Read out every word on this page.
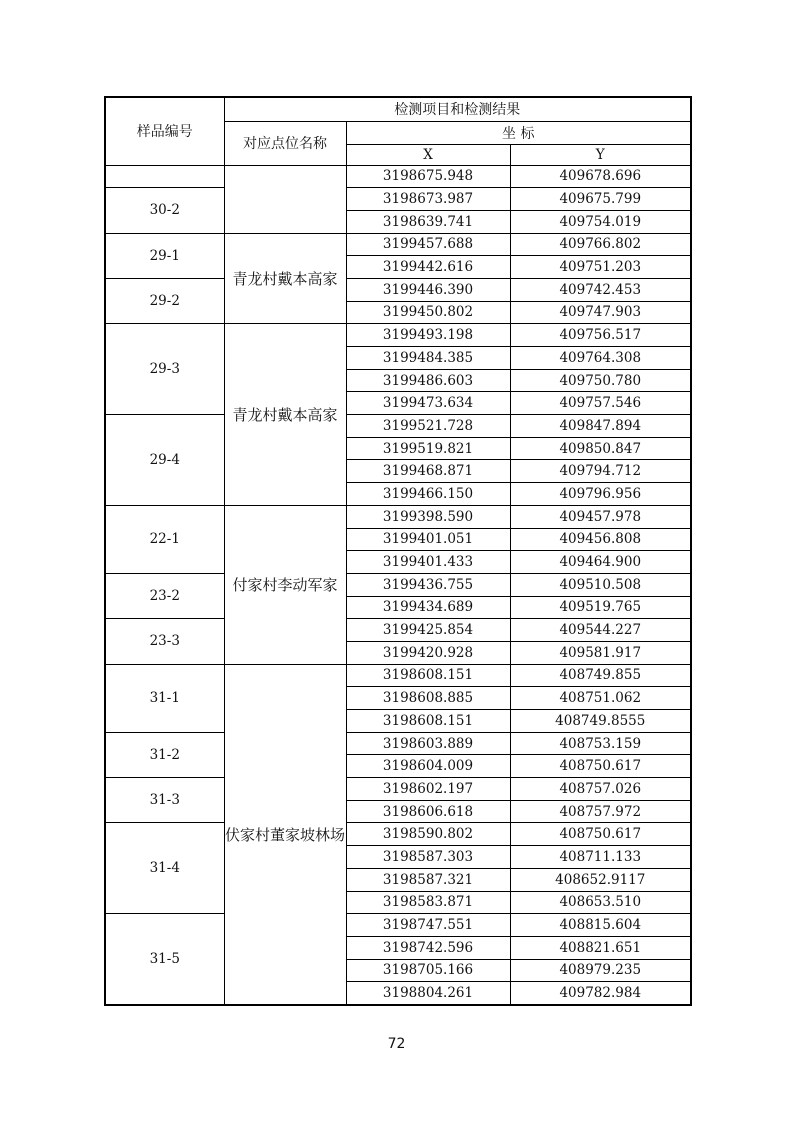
样品编号	检测项目和检测结果		
	对应点位名称	坐 标	
		X	Y
		3198675.948	409678.696
30-2		3198673.987	409675.799
		3198639.741	409754.019
29-1	青龙村戴本高家	3199457.688	409766.802
		3199442.616	409751.203
29-2		3199446.390	409742.453
		3199450.802	409747.903
29-3	青龙村戴本高家	3199493.198	409756.517
		3199484.385	409764.308
		3199486.603	409750.780
		3199473.634	409757.546
29-4		3199521.728	409847.894
		3199519.821	409850.847
		3199468.871	409794.712
		3199466.150	409796.956
22-1	付家村李动军家	3199398.590	409457.978
		3199401.051	409456.808
		3199401.433	409464.900
23-2		3199436.755	409510.508
		3199434.689	409519.765
23-3		3199425.854	409544.227
		3199420.928	409581.917
31-1	伏家村董家坡林场	3198608.151	408749.855
		3198608.885	408751.062
		3198608.151	408749.8555
31-2		3198603.889	408753.159
		3198604.009	408750.617
31-3		3198602.197	408757.026
		3198606.618	408757.972
31-4		3198590.802	408750.617
		3198587.303	408711.133
		3198587.321	408652.9117
		3198583.871	408653.510
31-5		3198747.551	408815.604
		3198742.596	408821.651
		3198705.166	408979.235
		3198804.261	409782.984
72
